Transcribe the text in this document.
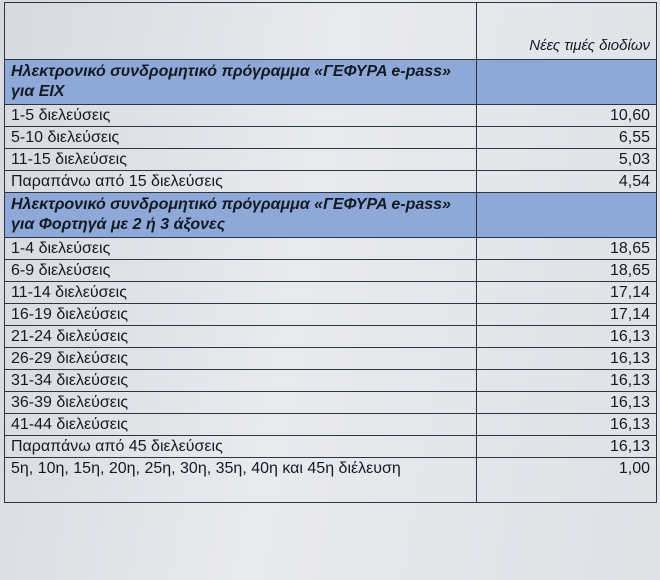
	Νέες τιμές διοδίων
Ηλεκτρονικό συνδρομητικό πρόγραμμα «ΓΕΦΥΡΑ e-pass» για ΕΙΧ	
1-5 διελεύσεις	10,60
5-10 διελεύσεις	6,55
11-15 διελεύσεις	5,03
Παραπάνω από 15 διελεύσεις	4,54
Ηλεκτρονικό συνδρομητικό πρόγραμμα «ΓΕΦΥΡΑ e-pass» για Φορτηγά με 2 ή 3 άξονες	
1-4 διελεύσεις	18,65
6-9 διελεύσεις	18,65
11-14 διελεύσεις	17,14
16-19 διελεύσεις	17,14
21-24 διελεύσεις	16,13
26-29 διελεύσεις	16,13
31-34 διελεύσεις	16,13
36-39 διελεύσεις	16,13
41-44 διελεύσεις	16,13
Παραπάνω από 45 διελεύσεις	16,13
5η, 10η, 15η, 20η, 25η, 30η, 35η, 40η και 45η διέλευση	1,00
